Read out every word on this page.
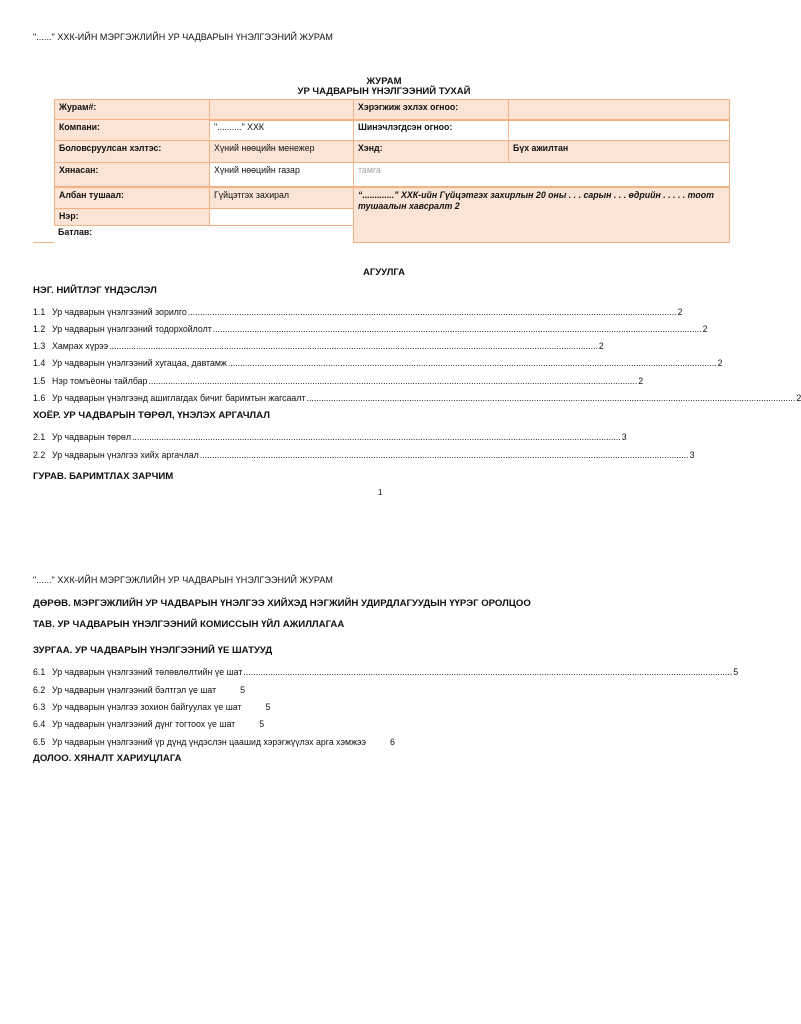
"......" ХХК-ИЙН МЭРГЭЖЛИЙН УР ЧАДВАРЫН ҮНЭЛГЭЭНИЙ ЖУРАМ
ЖУРАМ
УР ЧАДВАРЫН ҮНЭЛГЭЭНИЙ ТУХАЙ
Журам#:	Хэрэгжиж эхлэх огноо:
Компани:	".........." ХХК	Шинэчлэгдсэн огноо:
Боловсруулсан хэлтэс:	Хүний нөөцийн менежер	Хэнд:	Бүх ажилтан
Хянасан:	Хүний нөөцийн газар	тамга
Албан тушаал:	Гүйцэтгэх захирал	“.............” ХХК-ийн Гүйцэтгэх захирлын 20 оны . . . сарын . . . өдрийн . . . . . тоот тушаалын хавсралт 2
Нэр:
Батлав:
АГУУЛГА
НЭГ. НИЙТЛЭГ ҮНДЭСЛЭЛ
1.1 Ур чадварын үнэлгээний зорилго ........................................................................................................................................................................................................ 2
1.2 Ур чадварын үнэлгээний тодорхойлолт ........................................................................................................................................................................................................ 2
1.3 Хамрах хүрээ ........................................................................................................................................................................................................ 2
1.4 Ур чадварын үнэлгээний хугацаа, давтамж ........................................................................................................................................................................................................ 2
1.5 Нэр томъёоны тайлбар ........................................................................................................................................................................................................ 2
1.6 Ур чадварын үнэлгээнд ашиглагдах бичиг баримтын жагсаалт ........................................................................................................................................................................................................ 2
ХОЁР. УР ЧАДВАРЫН ТӨРӨЛ, ҮНЭЛЭХ АРГАЧЛАЛ
2.1 Ур чадварын төрөл ........................................................................................................................................................................................................ 3
2.2 Ур чадварын үнэлгээ хийх аргачлал ........................................................................................................................................................................................................ 3
ГУРАВ. БАРИМТЛАХ ЗАРЧИМ
1
"......" ХХК-ИЙН МЭРГЭЖЛИЙН УР ЧАДВАРЫН ҮНЭЛГЭЭНИЙ ЖУРАМ
ДӨРӨВ. МЭРГЭЖЛИЙН УР ЧАДВАРЫН ҮНЭЛГЭЭ ХИЙХЭД НЭГЖИЙН УДИРДЛАГУУДЫН ҮҮРЭГ ОРОЛЦОО
ТАВ. УР ЧАДВАРЫН ҮНЭЛГЭЭНИЙ КОМИССЫН ҮЙЛ АЖИЛЛАГАА
ЗУРГАА. УР ЧАДВАРЫН ҮНЭЛГЭЭНИЙ ҮЕ ШАТУУД
6.1 Ур чадварын үнэлгээний төлөвлөлтийн үе шат ........................................................................................................................................................................................................ 5
6.2 Ур чадварын үнэлгээний бэлтгэл үе шат	5
6.3 Ур чадварын үнэлгээ зохион байгуулах үе шат	5
6.4 Ур чадварын үнэлгээний дүнг тогтоох үе шат	5
6.5 Ур чадварын үнэлгээний үр дүнд үндэслэн цаашид хэрэгжүүлэх арга хэмжээ	6
ДОЛОО. ХЯНАЛТ ХАРИУЦЛАГА
